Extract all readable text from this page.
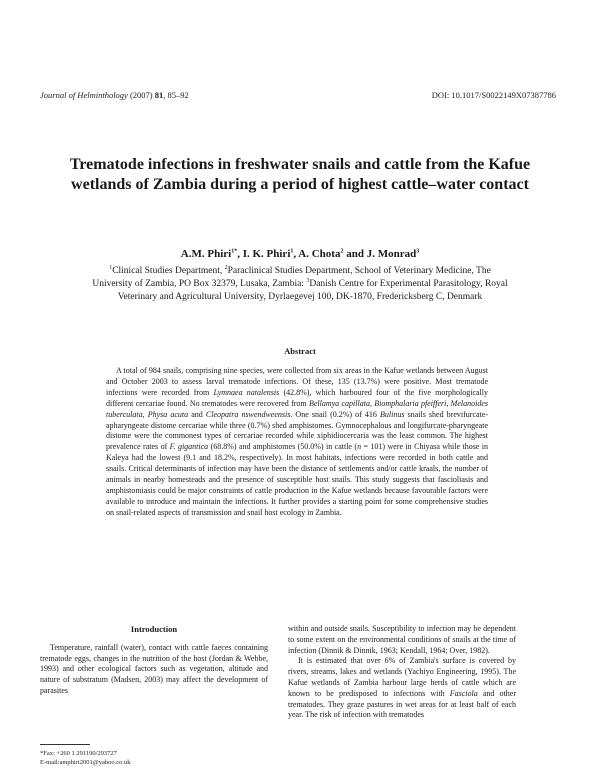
Journal of Helminthology (2007) 81, 85–92	DOI: 10.1017/S0022149X07387786
Trematode infections in freshwater snails and cattle from the Kafue wetlands of Zambia during a period of highest cattle–water contact
A.M. Phiri$^{1*}$, I. K. Phiri$^1$, A. Chota$^2$ and J. Monrad$^3$
$^1$Clinical Studies Department, $^2$Paraclinical Studies Department, School of Veterinary Medicine, The University of Zambia, PO Box 32379, Lusaka, Zambia: $^3$Danish Centre for Experimental Parasitology, Royal Veterinary and Agricultural University, Dyrlaegevej 100, DK-1870, Fredericksberg C, Denmark
Abstract

A total of 984 snails, comprising nine species, were collected from six areas in the Kafue wetlands between August and October 2003 to assess larval trematode infections. Of these, 135 (13.7%) were positive. Most trematode infections were recorded from Lymnaea natalensis (42.8%), which harboured four of the five morphologically different cercariae found. No trematodes were recovered from Bellamya capillata, Biomphalaria pfeifferi, Melanoides tuberculata, Physa acuta and Cleopatra nswendweensis. One snail (0.2%) of 416 Bulinus snails shed brevifurcate-apharyngeate distome cercariae while three (0.7%) shed amphistomes. Gymnocephalous and longifurcate-pharyngeate distome were the commonest types of cercariae recorded while xiphidiocercaria was the least common. The highest prevalence rates of F. gigantica (68.8%) and amphistomes (50.0%) in cattle (n = 101) were in Chiyasa while those in Kaleya had the lowest (9.1 and 18.2%, respectively). In most habitats, infections were recorded in both cattle and snails. Critical determinants of infection may have been the distance of settlements and/or cattle kraals, the number of animals in nearby homesteads and the presence of susceptible host snails. This study suggests that fascioliasis and amphistomiasis could be major constraints of cattle production in the Kafue wetlands because favourable factors were available to introduce and maintain the infections. It further provides a starting point for some comprehensive studies on snail-related aspects of transmission and snail host ecology in Zambia.

Introduction

Temperature, rainfall (water), contact with cattle faeces containing trematode eggs, changes in the nutrition of the host (Jordan & Webbe, 1993) and other ecological factors such as vegetation, altitude and nature of substratum (Madsen, 2003) may affect the development of parasites

within and outside snails. Susceptibility to infection may be dependent to some extent on the environmental conditions of snails at the time of infection (Dinnik & Dinnik, 1963; Kendall, 1964; Over, 1982).

It is estimated that over 6% of Zambia's surface is covered by rivers, streams, lakes and wetlands (Yachiyo Engineering, 1995). The Kafue wetlands of Zambia harbour large herds of cattle which are known to be predisposed to infections with Fasciola and other trematodes. They graze pastures in wet areas for at least half of each year. The risk of infection with trematodes

*Fax: +260 1 291190/293727
E-mail:amphiri2001@yahoo.co.uk
